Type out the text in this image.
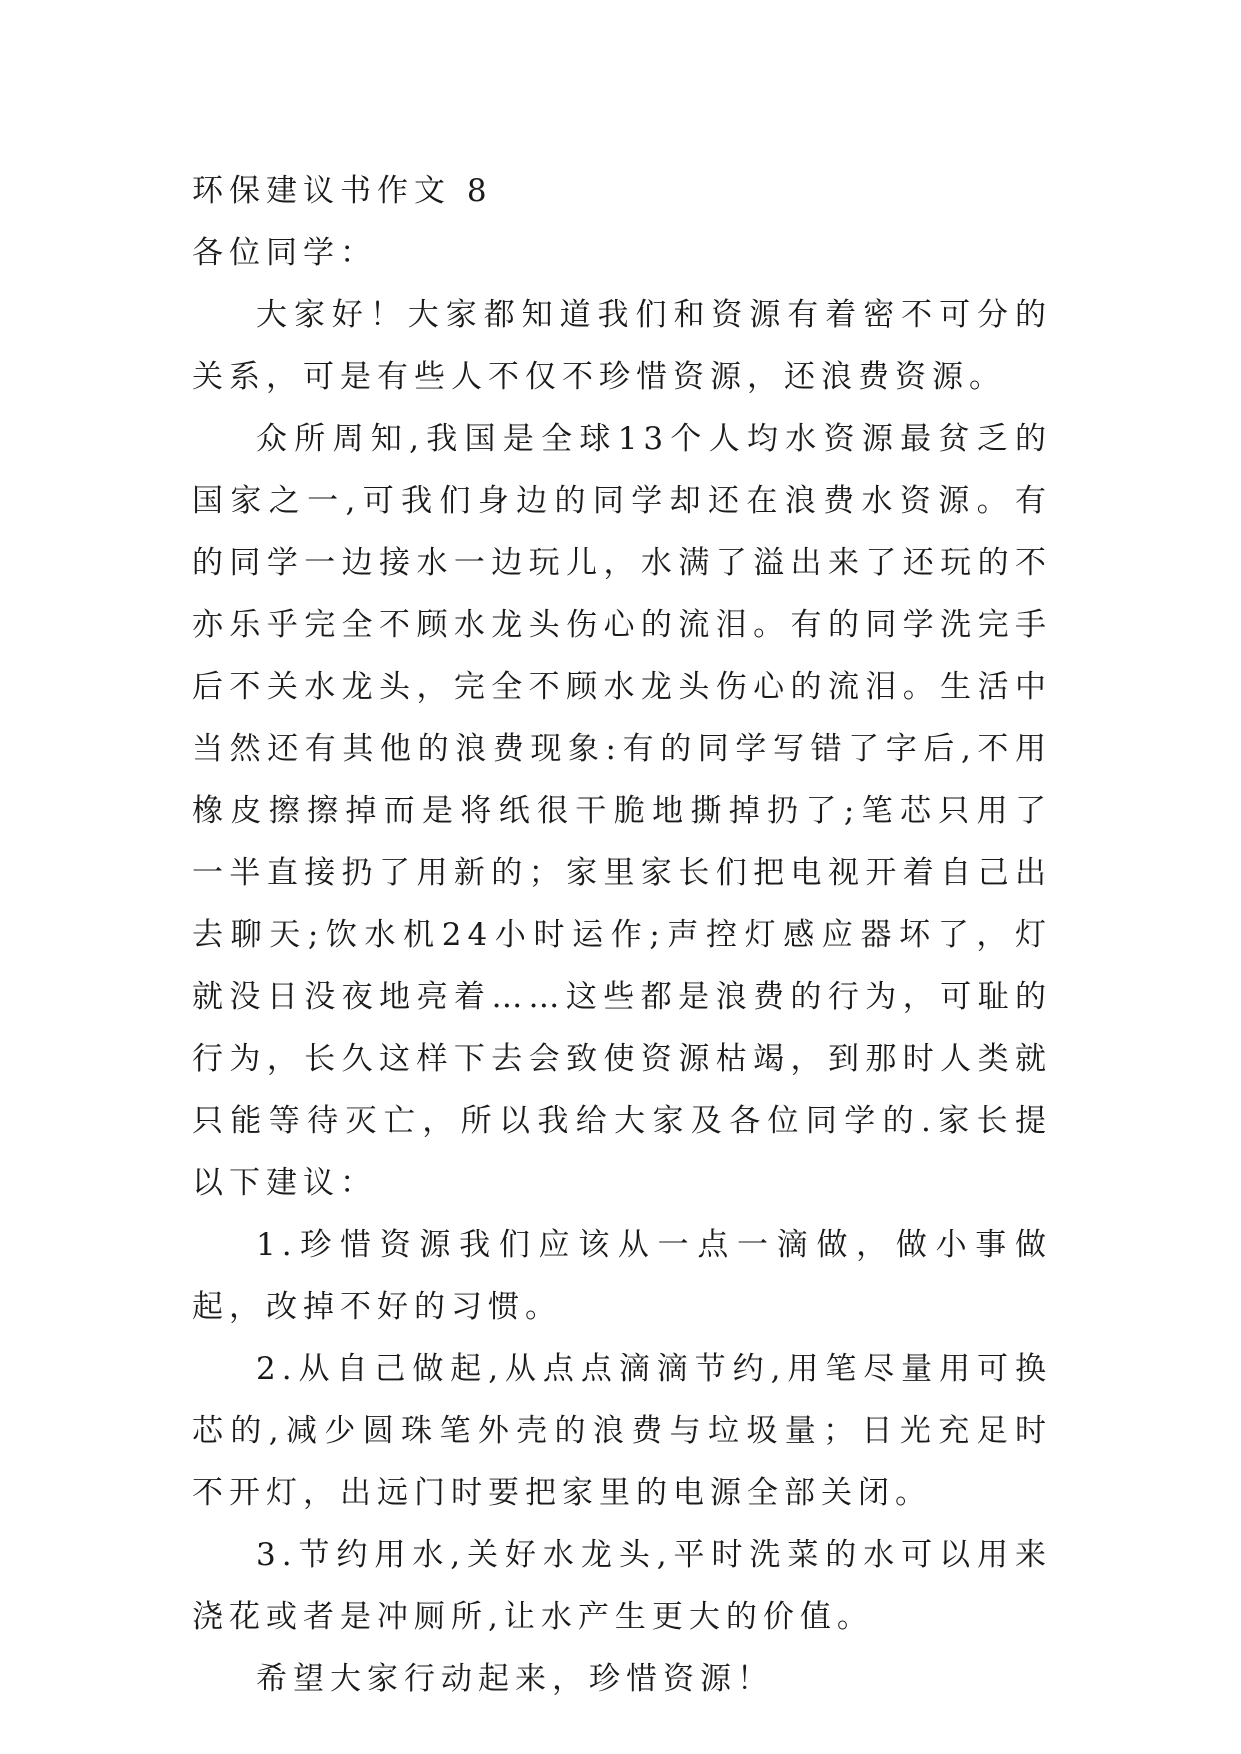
环保建议书作文 8

各位同学：

大家好！大家都知道我们和资源有着密不可分的关系，可是有些人不仅不珍惜资源，还浪费资源。

众所周知,我国是全球13个人均水资源最贫乏的国家之一,可我们身边的同学却还在浪费水资源。有的同学一边接水一边玩儿，水满了溢出来了还玩的不亦乐乎完全不顾水龙头伤心的流泪。有的同学洗完手后不关水龙头，完全不顾水龙头伤心的流泪。生活中当然还有其他的浪费现象:有的同学写错了字后,不用橡皮擦擦掉而是将纸很干脆地撕掉扔了;笔芯只用了一半直接扔了用新的；家里家长们把电视开着自己出去聊天;饮水机24小时运作;声控灯感应器坏了，灯就没日没夜地亮着……这些都是浪费的行为，可耻的行为，长久这样下去会致使资源枯竭，到那时人类就只能等待灭亡，所以我给大家及各位同学的.家长提以下建议：

1.珍惜资源我们应该从一点一滴做，做小事做起，改掉不好的习惯。

2.从自己做起,从点点滴滴节约,用笔尽量用可换芯的,减少圆珠笔外壳的浪费与垃圾量；日光充足时不开灯，出远门时要把家里的电源全部关闭。

3.节约用水,关好水龙头,平时洗菜的水可以用来浇花或者是冲厕所,让水产生更大的价值。

希望大家行动起来，珍惜资源！
